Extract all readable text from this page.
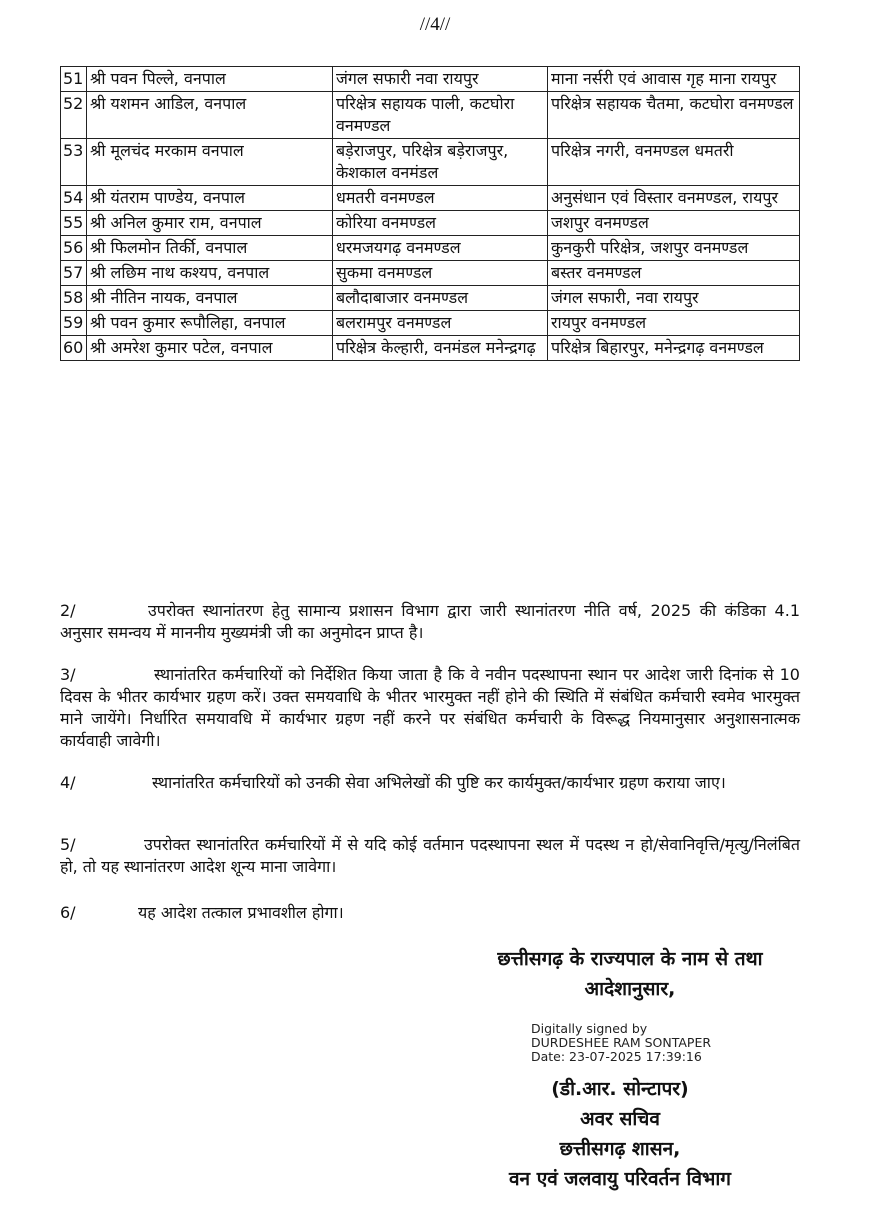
//4//
51	श्री पवन पिल्ले, वनपाल	जंगल सफारी नवा रायपुर	माना नर्सरी एवं आवास गृह माना रायपुर
52	श्री यशमन आडिल, वनपाल	परिक्षेत्र सहायक पाली, कटघोरा वनमण्डल	परिक्षेत्र सहायक चैतमा, कटघोरा वनमण्डल
53	श्री मूलचंद मरकाम वनपाल	बड़ेराजपुर, परिक्षेत्र बड़ेराजपुर, केशकाल वनमंडल	परिक्षेत्र नगरी, वनमण्डल धमतरी
54	श्री यंतराम पाण्डेय, वनपाल	धमतरी वनमण्डल	अनुसंधान एवं विस्तार वनमण्डल, रायपुर
55	श्री अनिल कुमार राम, वनपाल	कोरिया वनमण्डल	जशपुर वनमण्डल
56	श्री फिलमोन तिर्की, वनपाल	धरमजयगढ़ वनमण्डल	कुनकुरी परिक्षेत्र, जशपुर वनमण्डल
57	श्री लछिम नाथ कश्यप, वनपाल	सुकमा वनमण्डल	बस्तर वनमण्डल
58	श्री नीतिन नायक, वनपाल	बलौदाबाजार वनमण्डल	जंगल सफारी, नवा रायपुर
59	श्री पवन कुमार रूपौलिहा, वनपाल	बलरामपुर वनमण्डल	रायपुर वनमण्डल
60	श्री अमरेश कुमार पटेल, वनपाल	परिक्षेत्र केल्हारी, वनमंडल मनेन्द्रगढ़	परिक्षेत्र बिहारपुर, मनेन्द्रगढ़ वनमण्डल
2/	उपरोक्त स्थानांतरण हेतु सामान्य प्रशासन विभाग द्वारा जारी स्थानांतरण नीति वर्ष, 2025 की कंडिका 4.1 अनुसार समन्वय में माननीय मुख्यमंत्री जी का अनुमोदन प्राप्त है।
3/	स्थानांतरित कर्मचारियों को निर्देशित किया जाता है कि वे नवीन पदस्थापना स्थान पर आदेश जारी दिनांक से 10 दिवस के भीतर कार्यभार ग्रहण करें। उक्त समयवाधि के भीतर भारमुक्त नहीं होने की स्थिति में संबंधित कर्मचारी स्वमेव भारमुक्त माने जायेंगे। निर्धारित समयावधि में कार्यभार ग्रहण नहीं करने पर संबंधित कर्मचारी के विरूद्ध नियमानुसार अनुशासनात्मक कार्यवाही जावेगी।
4/	स्थानांतरित कर्मचारियों को उनकी सेवा अभिलेखों की पुष्टि कर कार्यमुक्त/कार्यभार ग्रहण कराया जाए।
5/	उपरोक्त स्थानांतरित कर्मचारियों में से यदि कोई वर्तमान पदस्थापना स्थल में पदस्थ न हो/सेवानिवृत्ति/मृत्यु/निलंबित हो, तो यह स्थानांतरण आदेश शून्य माना जावेगा।
6/	यह आदेश तत्काल प्रभावशील होगा।
छत्तीसगढ़ के राज्यपाल के नाम से तथा
आदेशानुसार,
Digitally signed by
DURDESHEE RAM SONTAPER
Date: 23-07-2025 17:39:16
(डी.आर. सोन्टापर)
अवर सचिव
छत्तीसगढ़ शासन,
वन एवं जलवायु परिवर्तन विभाग
